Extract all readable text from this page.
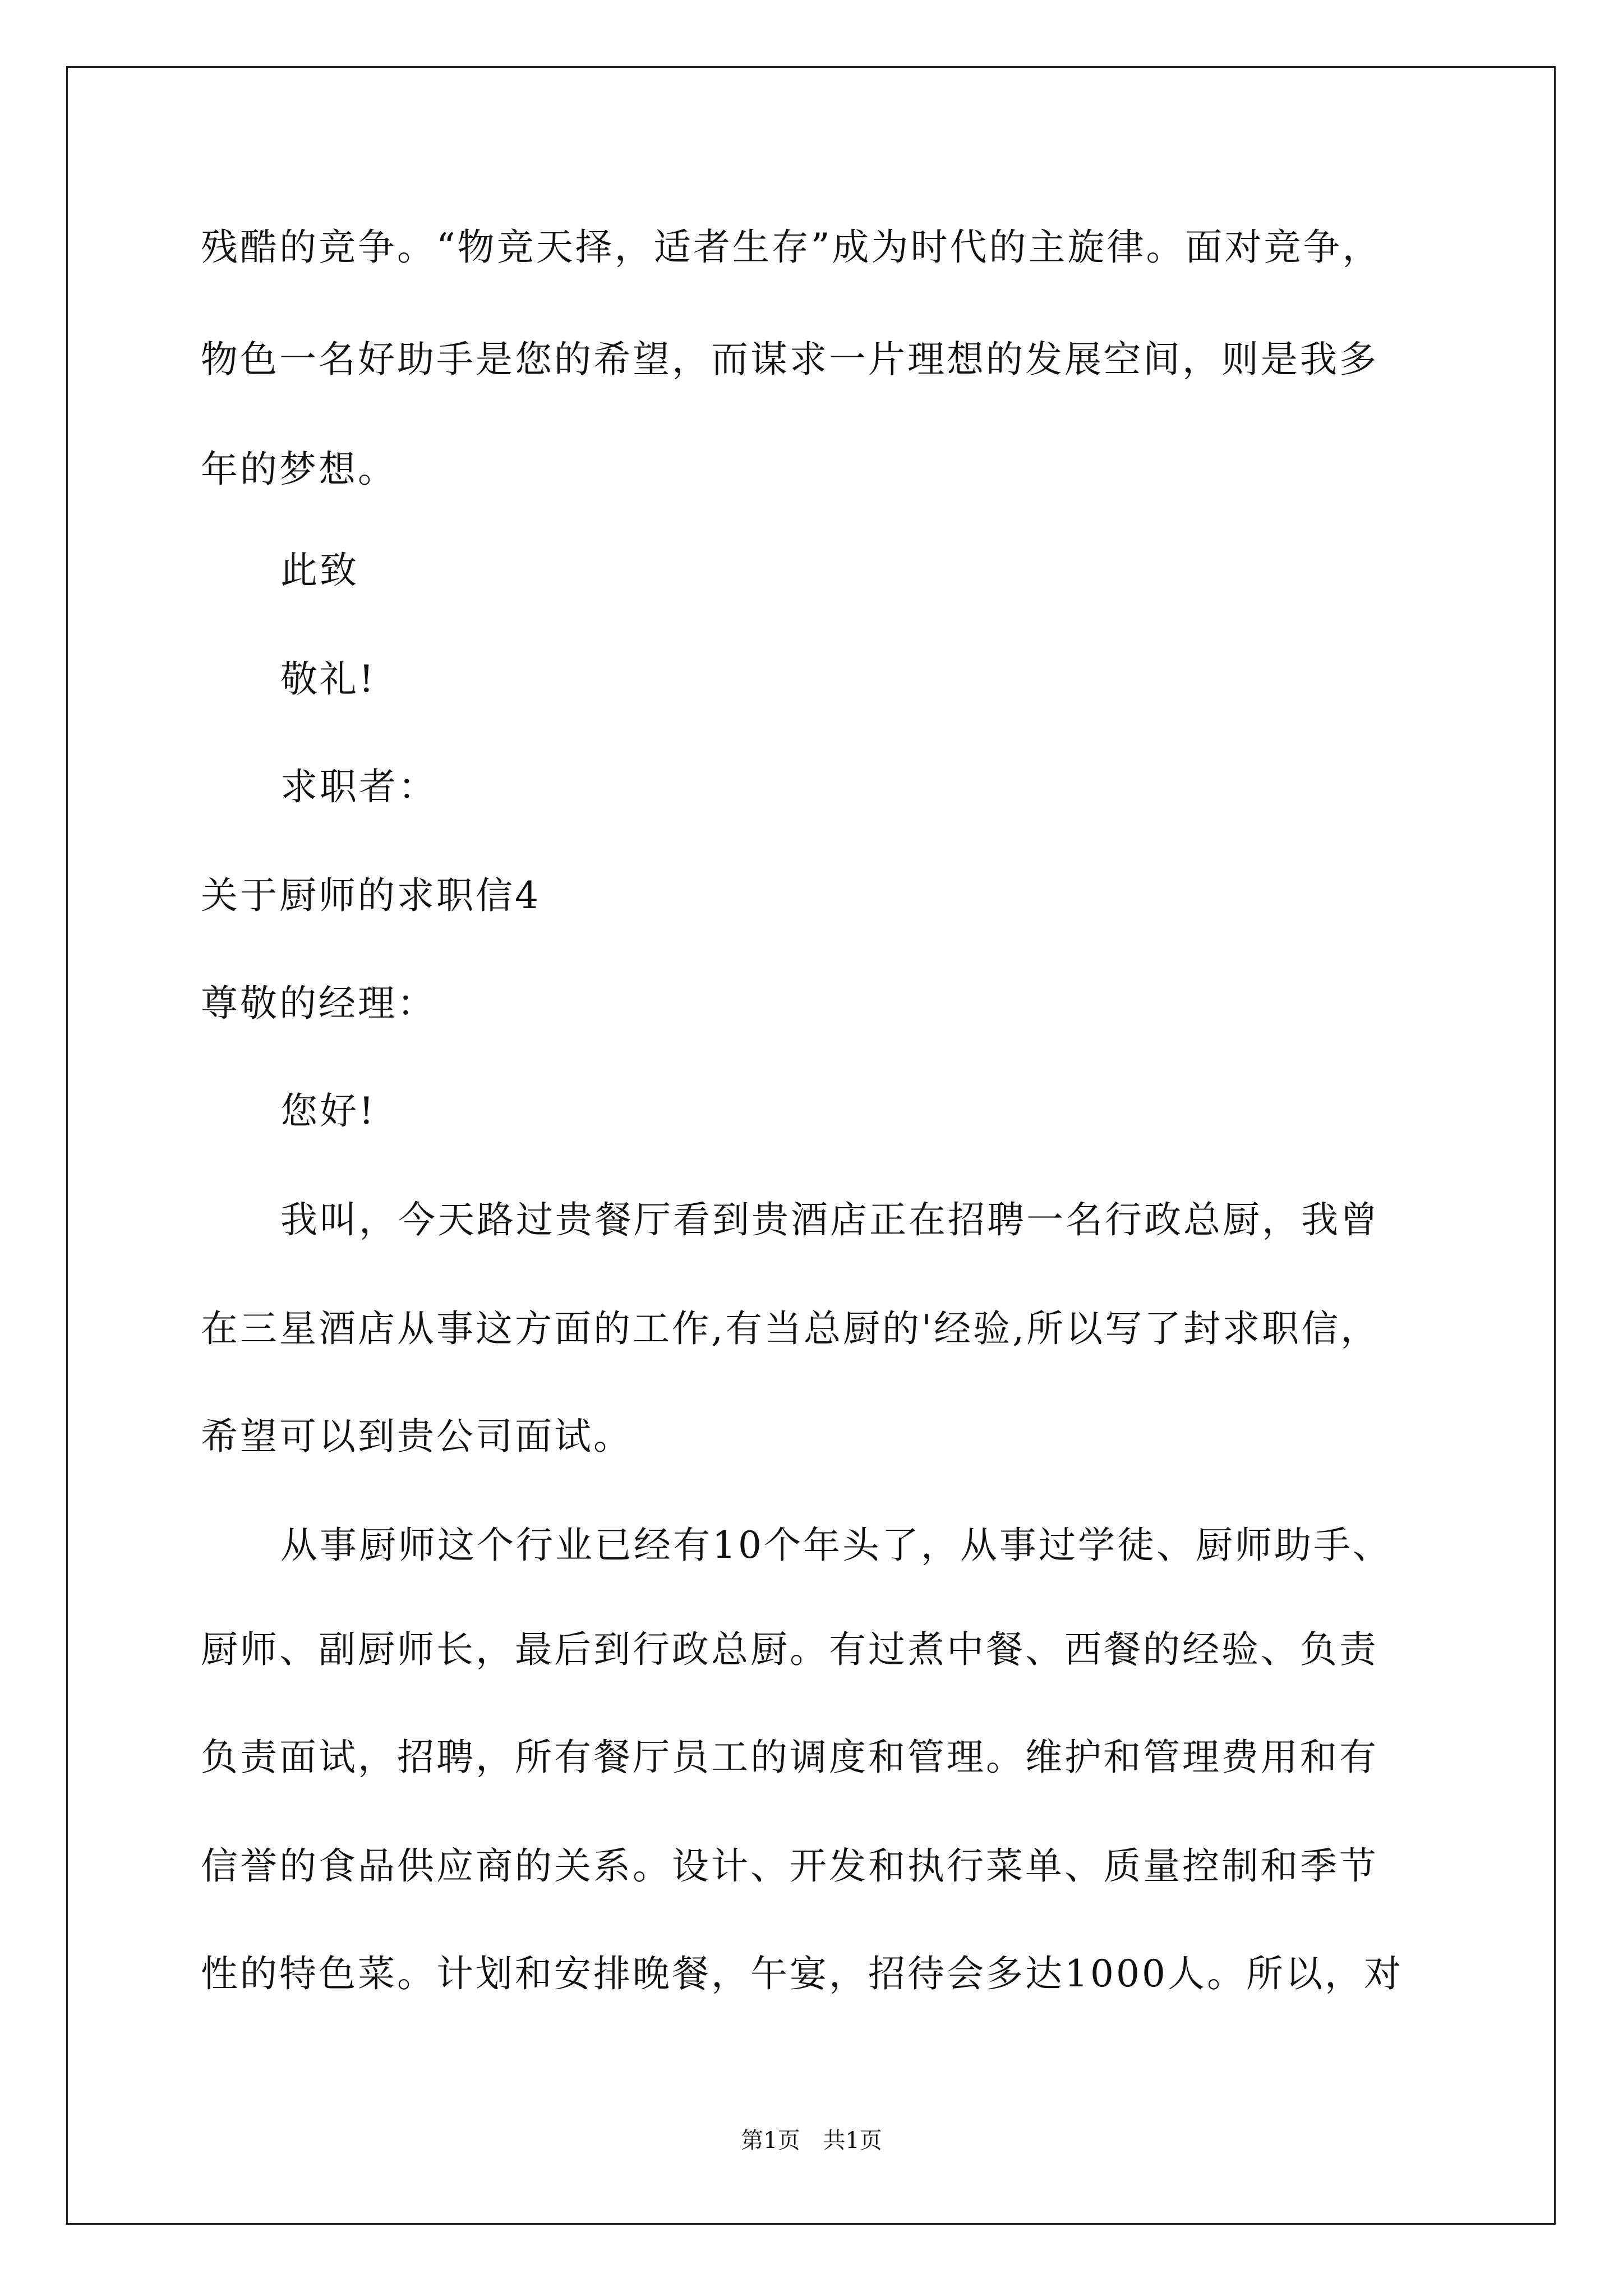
残酷的竞争。“物竞天择，适者生存”成为时代的主旋律。面对竞争，
物色一名好助手是您的希望，而谋求一片理想的发展空间，则是我多
年的梦想。
此致
敬礼!
求职者：
关于厨师的求职信4
尊敬的经理：
您好!
我叫，今天路过贵餐厅看到贵酒店正在招聘一名行政总厨，我曾
在三星酒店从事这方面的工作,有当总厨的'经验,所以写了封求职信，
希望可以到贵公司面试。
从事厨师这个行业已经有10个年头了，从事过学徒、厨师助手、
厨师、副厨师长，最后到行政总厨。有过煮中餐、西餐的经验、负责
负责面试，招聘，所有餐厅员工的调度和管理。维护和管理费用和有
信誉的食品供应商的关系。设计、开发和执行菜单、质量控制和季节
性的特色菜。计划和安排晚餐，午宴，招待会多达1000人。所以，对
第1页 共1页
